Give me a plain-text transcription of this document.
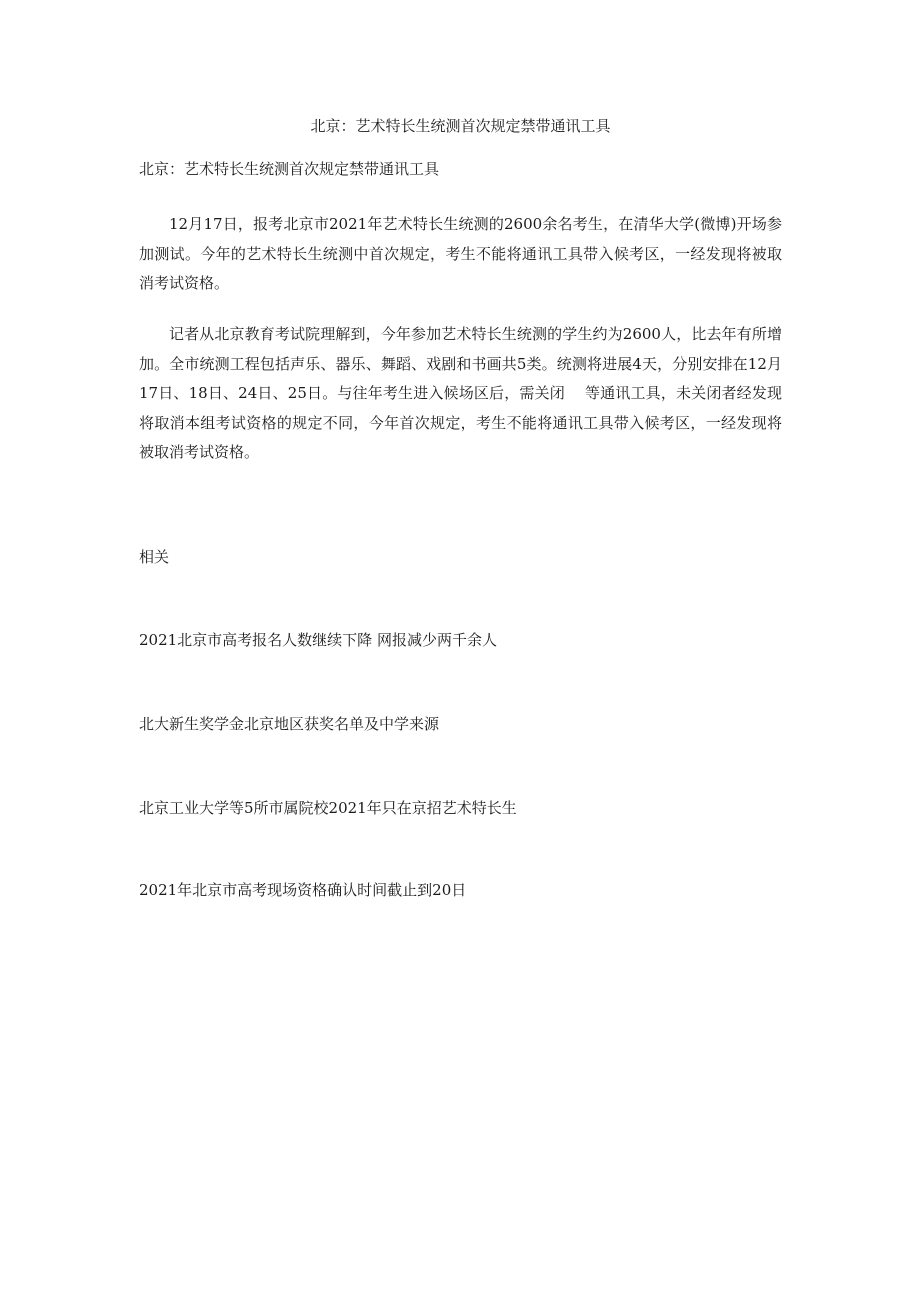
北京：艺术特长生统测首次规定禁带通讯工具
北京：艺术特长生统测首次规定禁带通讯工具

12月17日，报考北京市2021年艺术特长生统测的2600余名考生，在清华大学(微博)开场参加测试。今年的艺术特长生统测中首次规定，考生不能将通讯工具带入候考区，一经发现将被取消考试资格。

记者从北京教育考试院理解到，今年参加艺术特长生统测的学生约为2600人，比去年有所增加。全市统测工程包括声乐、器乐、舞蹈、戏剧和书画共5类。统测将进展4天，分别安排在12月17日、18日、24日、25日。与往年考生进入候场区后，需关闭　 等通讯工具，未关闭者经发现将取消本组考试资格的规定不同，今年首次规定，考生不能将通讯工具带入候考区，一经发现将被取消考试资格。

相关
2021北京市高考报名人数继续下降 网报减少两千余人
北大新生奖学金北京地区获奖名单及中学来源
北京工业大学等5所市属院校2021年只在京招艺术特长生
2021年北京市高考现场资格确认时间截止到20日
